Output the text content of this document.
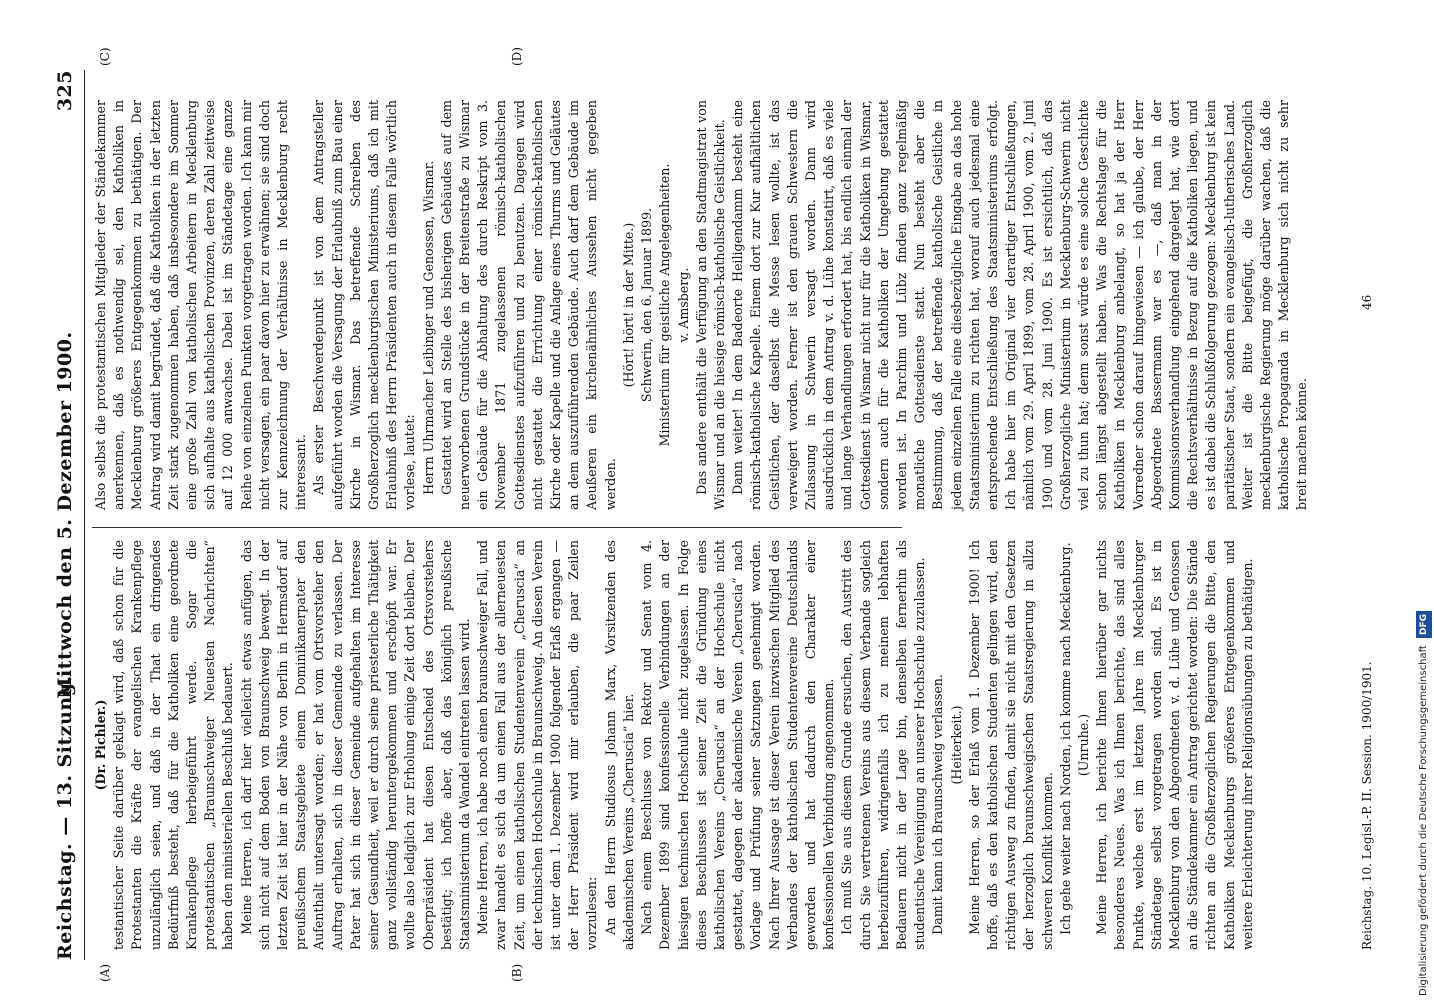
Reichstag. — 13. Sitzung.
Mittwoch den 5. Dezember 1900.
325
(A)	(B)
(C)	(D)

(Dr. Pichler.) testantischer Seite darüber geklagt wird, daß schon für die Protestanten die Kräfte der evangelischen Krankenpflege unzulänglich seien, und daß in der That ein dringendes Bedürfniß besteht, daß für die Katholiken eine geordnete Krankenpflege herbeigeführt werde. Sogar die protestantischen „Braunschweiger Neuesten Nachrichten“ haben den ministeriellen Beschluß bedauert. Meine Herren, ich darf hier vielleicht etwas anfügen, das sich nicht auf dem Boden von Braunschweig bewegt. In der letzten Zeit ist hier in der Nähe von Berlin in Hermsdorf auf preußischem Staatsgebiete einem Dominikanerpater den Aufenthalt untersagt worden; er hat vom Ortsvorsteher den Auftrag erhalten, sich in dieser Gemeinde zu verlassen. Der Pater hat sich in dieser Gemeinde aufgehalten im Interesse seiner Gesundheit, weil er durch seine priesterliche Thätigkeit ganz vollständig heruntergekommen und erschöpft war. Er wollte also lediglich zur Erholung einige Zeit dort bleiben. Der Oberpräsident hat diesen Entscheid des Ortsvorstehers bestätigt; ich hoffe aber, daß das königlich preußische Staatsministerium da Wandel eintreten lassen wird. Meine Herren, ich habe noch einen braunschweiger Fall, und zwar handelt es sich da um einen Fall aus der allerneuesten Zeit, um einen katholischen Studentenverein „Cheruscia“ an der technischen Hochschule in Braunschweig. An diesen Verein ist unter dem 1. Dezember 1900 folgender Erlaß ergangen — der Herr Präsident wird mir erlauben, die paar Zeilen vorzulesen: An den Herrn Studiosus Johann Marx, Vorsitzenden des akademischen Vereins „Cheruscia“ hier. Nach einem Beschlusse von Rektor und Senat vom 4. Dezember 1899 sind konfessionelle Verbindungen an der hiesigen technischen Hochschule nicht zugelassen. In Folge dieses Beschlusses ist seiner Zeit die Gründung eines katholischen Vereins „Cheruscia“ an der Hochschule nicht gestattet, dagegen der akademische Verein „Cheruscia“ nach Vorlage und Prüfung seiner Satzungen genehmigt worden. Nach Ihrer Aussage ist dieser Verein inzwischen Mitglied des Verbandes der katholischen Studentenvereine Deutschlands geworden und hat dadurch den Charakter einer konfessionellen Verbindung angenommen. Ich muß Sie aus diesem Grunde ersuchen, den Austritt des durch Sie vertretenen Vereins aus diesem Verbande sogleich herbeizuführen, widrigenfalls ich zu meinem lebhaften Bedauern nicht in der Lage bin, denselben fernerhin als studentische Vereinigung an unserer Hochschule zuzulassen. Damit kann ich Braunschweig verlassen. (Heiterkeit.) Meine Herren, so der Erlaß vom 1. Dezember 1900! Ich hoffe, daß es den katholischen Studenten gelingen wird, den richtigen Ausweg zu finden, damit sie nicht mit den Gesetzen der herzoglich braunschweigischen Staatsregierung in allzu schweren Konflikt kommen. Ich gehe weiter nach Norden, ich komme nach Mecklenburg. (Unruhe.) Meine Herren, ich berichte Ihnen hierüber gar nichts besonderes Neues. Was ich Ihnen berichte, das sind alles Punkte, welche erst im letzten Jahre im Mecklenburger Ständetage selbst vorgetragen worden sind. Es ist in Mecklenburg von den Abgeordneten v. d. Lühe und Genossen an die Ständekammer ein Antrag gerichtet worden: Die Stände richten an die Großherzoglichen Regierungen die Bitte, den Katholiken Mecklenburgs größeres Entgegenkommen und weitere Erleichterung ihrer Religionsübungen zu bethätigen.

Also selbst die protestantischen Mitglieder der Ständekammer anerkennen, daß es nothwendig sei, den Katholiken in Mecklenburg größeres Entgegenkommen zu bethätigen. Der Antrag wird damit begründet, daß die Katholiken in der letzten Zeit stark zugenommen haben, daß insbesondere im Sommer eine große Zahl von katholischen Arbeitern in Mecklenburg sich aufhalte aus katholischen Provinzen, deren Zahl zeitweise auf 12 000 anwachse. Dabei ist im Ständetage eine ganze Reihe von einzelnen Punkten vorgetragen worden. Ich kann mir nicht versagen, ein paar davon hier zu erwähnen; sie sind doch zur Kennzeichnung der Verhältnisse in Mecklenburg recht interessant. Als erster Beschwerdepunkt ist von dem Antragsteller aufgeführt worden die Versagung der Erlaubniß zum Bau einer Kirche in Wismar. Das betreffende Schreiben des Großherzoglich mecklenburgischen Ministeriums, daß ich mit Erlaubniß des Herrn Präsidenten auch in diesem Falle wörtlich vorlese, lautet: Herrn Uhrmacher Leibinger und Genossen, Wismar. Gestattet wird an Stelle des bisherigen Gebäudes auf dem neuerworbenen Grundstücke in der Breitenstraße zu Wismar ein Gebäude für die Abhaltung des durch Reskript vom 3. November 1871 zugelassenen römisch-katholischen Gottesdienstes aufzuführen und zu benutzen. Dagegen wird nicht gestattet die Errichtung einer römisch-katholischen Kirche oder Kapelle und die Anlage eines Thurms und Geläutes an dem auszuführenden Gebäude. Auch darf dem Gebäude im Aeußeren ein kirchenähnliches Aussehen nicht gegeben werden.

(Hört! hört! in der Mitte.) Schwerin, den 6. Januar 1899. Ministerium für geistliche Angelegenheiten. v. Amsberg. Das andere enthält die Verfügung an den Stadtmagistrat von Wismar und an die hiesige römisch-katholische Geistlichkeit. Dann weiter! In dem Badeorte Heiligendamm besteht eine römisch-katholische Kapelle. Einem dort zur Kur aufhältlichen Geistlichen, der daselbst die Messe lesen wollte, ist das verweigert worden. Ferner ist den grauen Schwestern die Zulassung in Schwerin versagt worden. Dann wird ausdrücklich in dem Antrag v. d. Lühe konstatirt, daß es viele und lange Verhandlungen erfordert hat, bis endlich einmal der Gottesdienst in Wismar nicht nur für die Katholiken in Wismar, sondern auch für die Katholiken der Umgebung gestattet worden ist. In Parchim und Lübz finden ganz regelmäßig monatliche Gottesdienste statt. Nun besteht aber die Bestimmung, daß der betreffende katholische Geistliche in jedem einzelnen Falle eine diesbezügliche Eingabe an das hohe Staatsministerium zu richten hat, worauf auch jedesmal eine entsprechende Entschließung des Staatsministeriums erfolgt. Ich habe hier im Original vier derartiger Entschließungen, nämlich vom 29. April 1899, vom 28. April 1900, vom 2. Juni 1900 und vom 28. Juni 1900. Es ist ersichtlich, daß das Großherzogliche Ministerium in Mecklenburg-Schwerin nicht viel zu thun hat; denn sonst würde es eine solche Geschichte schon längst abgestellt haben. Was die Rechtslage für die Katholiken in Mecklenburg anbelangt, so hat ja der Herr Vorredner schon darauf hingewiesen — ich glaube, der Herr Abgeordnete Bassermann war es —, daß man in der Kommissionsverhandlung eingehend dargelegt hat, wie dort die Rechtsverhältnisse in Bezug auf die Katholiken liegen, und es ist dabei die Schlußfolgerung gezogen: Mecklenburg ist kein paritätischer Staat, sondern ein evangelisch-lutherisches Land. Weiter ist die Bitte beigefügt, die Großherzoglich mecklenburgische Regierung möge darüber wachen, daß die katholische Propaganda in Mecklenburg sich nicht zu sehr breit machen könne.

Reichstag. 10. Legisl.-P. II. Session. 1900/1901.
46
Digitalisierung gefördert durch die Deutsche Forschungsgemeinschaft DFG
